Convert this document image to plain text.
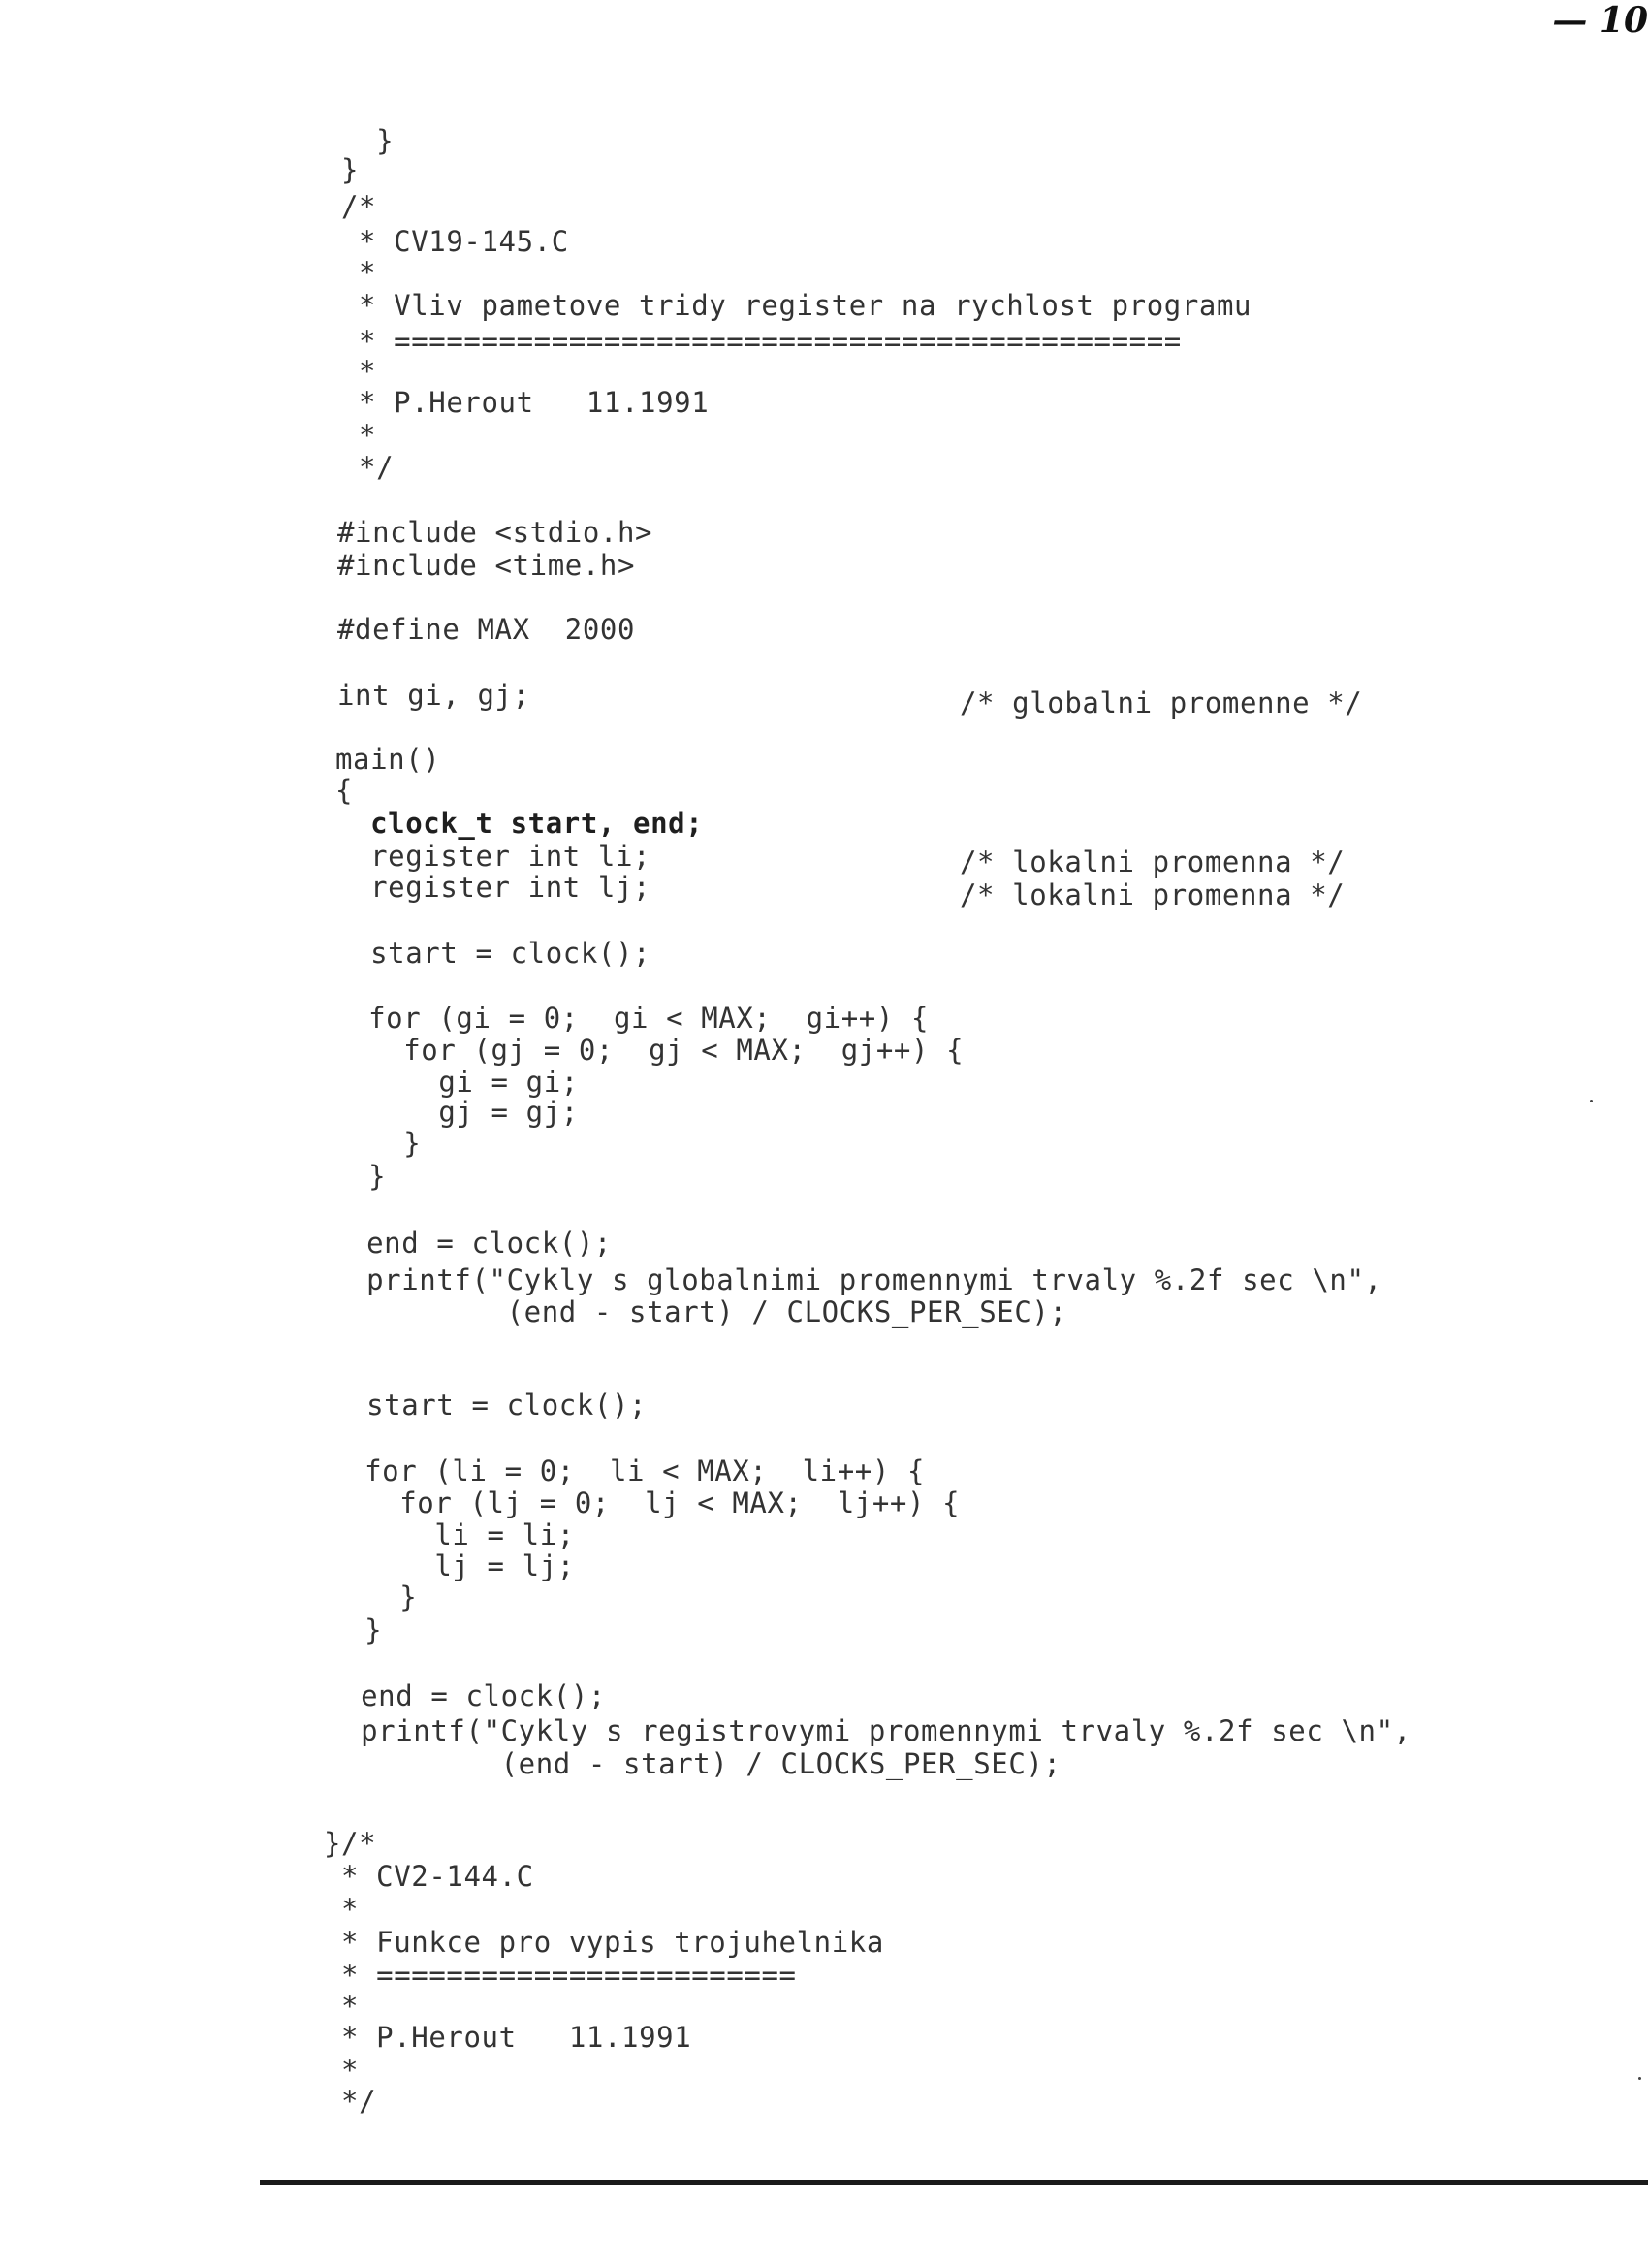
— 10
}
}
/*
* CV19-145.C
*
* Vliv pametove tridy register na rychlost programu
* =============================================
*
* P.Herout   11.1991
*
*/
#include <stdio.h>
#include <time.h>
#define MAX  2000
int gi, gj;	/* globalni promenne */
main()
{
clock_t start, end;
register int li;	/* lokalni promenna */
register int lj;	/* lokalni promenna */
start = clock();
for (gi = 0;  gi < MAX;  gi++) {
for (gj = 0;  gj < MAX;  gj++) {
gi = gi;
gj = gj;
}
}
end = clock();
printf("Cykly s globalnimi promennymi trvaly %.2f sec \n",
(end - start) / CLOCKS_PER_SEC);
start = clock();
for (li = 0;  li < MAX;  li++) {
for (lj = 0;  lj < MAX;  lj++) {
li = li;
lj = lj;
}
}
end = clock();
printf("Cykly s registrovymi promennymi trvaly %.2f sec \n",
(end - start) / CLOCKS_PER_SEC);
}/*
* CV2-144.C
*
* Funkce pro vypis trojuhelnika
* ========================
*
* P.Herout   11.1991
*
*/
